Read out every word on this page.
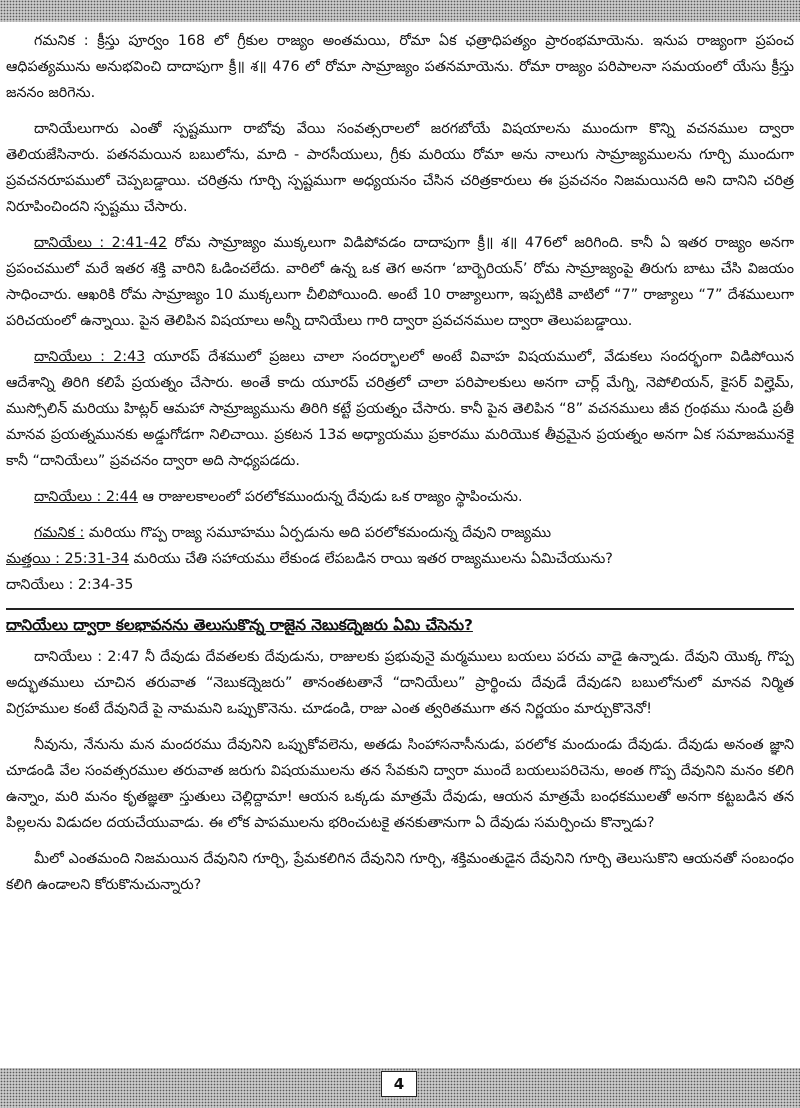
గమనిక : క్రీస్తు పూర్వం 168 లో గ్రీకుల రాజ్యం అంతమయి, రోమా ఏక ఛత్రాధిపత్యం ప్రారంభమాయెను. ఇనుప రాజ్యంగా ప్రపంచ ఆధిపత్యమును అనుభవించి దాదాపుగా క్రీ॥ శ॥ 476 లో రోమా సామ్రాజ్యం పతనమాయెను. రోమా రాజ్యం పరిపాలనా సమయంలో యేసు క్రీస్తు జననం జరిగెను.

దానియేలుగారు ఎంతో స్పష్టముగా రాబోవు వేయి సంవత్సరాలలో జరగబోయే విషయాలను ముందుగా కొన్ని వచనముల ద్వారా తెలియజేసినారు. పతనమయిన బబులోను, మాది - పారసీయులు, గ్రీకు మరియు రోమా అను నాలుగు సామ్రాజ్యములను గూర్చి ముందుగా ప్రవచనరూపములో చెప్పబడ్డాయి. చరిత్రను గూర్చి స్పష్టముగా అధ్యయనం చేసిన చరిత్రకారులు ఈ ప్రవచనం నిజమయినది అని దానిని చరిత్ర నిరూపించిందని స్పష్టము చేసారు.

దానియేలు : 2:41-42 రోమ సామ్రాజ్యం ముక్కలుగా విడిపోవడం దాదాపుగా క్రీ॥ శ॥ 476లో జరిగింది. కానీ ఏ ఇతర రాజ్యం అనగా ప్రపంచములో మరే ఇతర శక్తి వారిని ఓడించలేదు. వారిలో ఉన్న ఒక తెగ అనగా ‘బార్బెరియన్’ రోమ సామ్రాజ్యంపై తిరుగు బాటు చేసి విజయం సాధించారు. ఆఖరికి రోమ సామ్రాజ్యం 10 ముక్కలుగా చీలిపోయింది. అంటే 10 రాజ్యాలుగా, ఇప్పటికి వాటిలో “7” రాజ్యాలు “7” దేశములుగా పరిచయంలో ఉన్నాయి. పైన తెలిపిన విషయాలు అన్నీ దానియేలు గారి ద్వారా ప్రవచనముల ద్వారా తెలుపబడ్డాయి.

దానియేలు : 2:43 యూరప్ దేశములో ప్రజలు చాలా సందర్భాలలో అంటే వివాహ విషయములో, వేడుకలు సందర్భంగా విడిపోయిన ఆదేశాన్ని తిరిగి కలిపే ప్రయత్నం చేసారు. అంతే కాదు యూరప్ చరిత్రలో చాలా పరిపాలకులు అనగా చార్ల్ మేగ్ని, నెపోలియన్, కైసర్ విల్హెమ్, ముస్సోలిన్ మరియు హిట్లర్ ఆమహా సామ్రాజ్యమును తిరిగి కట్టే ప్రయత్నం చేసారు. కానీ పైన తెలిపిన “8” వచనములు జీవ గ్రంథము నుండి ప్రతీ మానవ ప్రయత్నమునకు అడ్డుగోడగా నిలిచాయి. ప్రకటన 13వ అధ్యాయము ప్రకారము మరియొక తీవ్రమైన ప్రయత్నం అనగా ఏక సమాజమునకై కానీ “దానియేలు” ప్రవచనం ద్వారా అది సాధ్యపడదు.

దానియేలు : 2:44 ఆ రాజులకాలంలో పరలోకముందున్న దేవుడు ఒక రాజ్యం స్థాపించును.

గమనిక : మరియు గొప్ప రాజ్య సమూహము ఏర్పడును అది పరలోకమందున్న దేవుని రాజ్యము

మత్తయి : 25:31-34 మరియు చేతి సహాయము లేకుండ లేపబడిన రాయి ఇతర రాజ్యములను ఏమిచేయును?

దానియేలు : 2:34-35

దానియేలు ద్వారా కలభావనను తెలుసుకొన్న రాజైన నెబుకద్నెజరు ఏమి చేసెను?

దానియేలు : 2:47 నీ దేవుడు దేవతలకు దేవుడును, రాజులకు ప్రభువునై మర్మములు బయలు పరచు వాడై ఉన్నాడు. దేవుని యొక్క గొప్ప అద్భుతములు చూచిన తరువాత “నెబుకద్నెజరు” తానంతటతానే “దానియేలు” ప్రార్థించు దేవుడే దేవుడని బబులోనులో మానవ నిర్మిత విగ్రహముల కంటే దేవునిదే పై నామమని ఒప్పుకొనెను. చూడండి, రాజు ఎంత త్వరితముగా తన నిర్ణయం మార్చుకొనెనో!

నీవును, నేనును మన మందరము దేవునిని ఒప్పుకోవలెను, అతడు సింహాసనాసీనుడు, పరలోక మందుండు దేవుడు. దేవుడు అనంత జ్ఞాని చూడండి వేల సంవత్సరముల తరువాత జరుగు విషయములను తన సేవకుని ద్వారా ముందే బయలుపరిచెను, అంత గొప్ప దేవునిని మనం కలిగి ఉన్నాం, మరి మనం కృతజ్ఞతా స్తుతులు చెల్లిద్దామా! ఆయన ఒక్కడు మాత్రమే దేవుడు, ఆయన మాత్రమే బంధకములతో అనగా కట్టబడిన తన పిల్లలను విడుదల దయచేయువాడు. ఈ లోక పాపములను భరించుటకై తనకుతానుగా ఏ దేవుడు సమర్పించు కొన్నాడు?

మీలో ఎంతమంది నిజమయిన దేవునిని గూర్చి, ప్రేమకలిగిన దేవునిని గూర్చి, శక్తిమంతుడైన దేవునిని గూర్చి తెలుసుకొని ఆయనతో సంబంధం కలిగి ఉండాలని కోరుకొనుచున్నారు?

4
